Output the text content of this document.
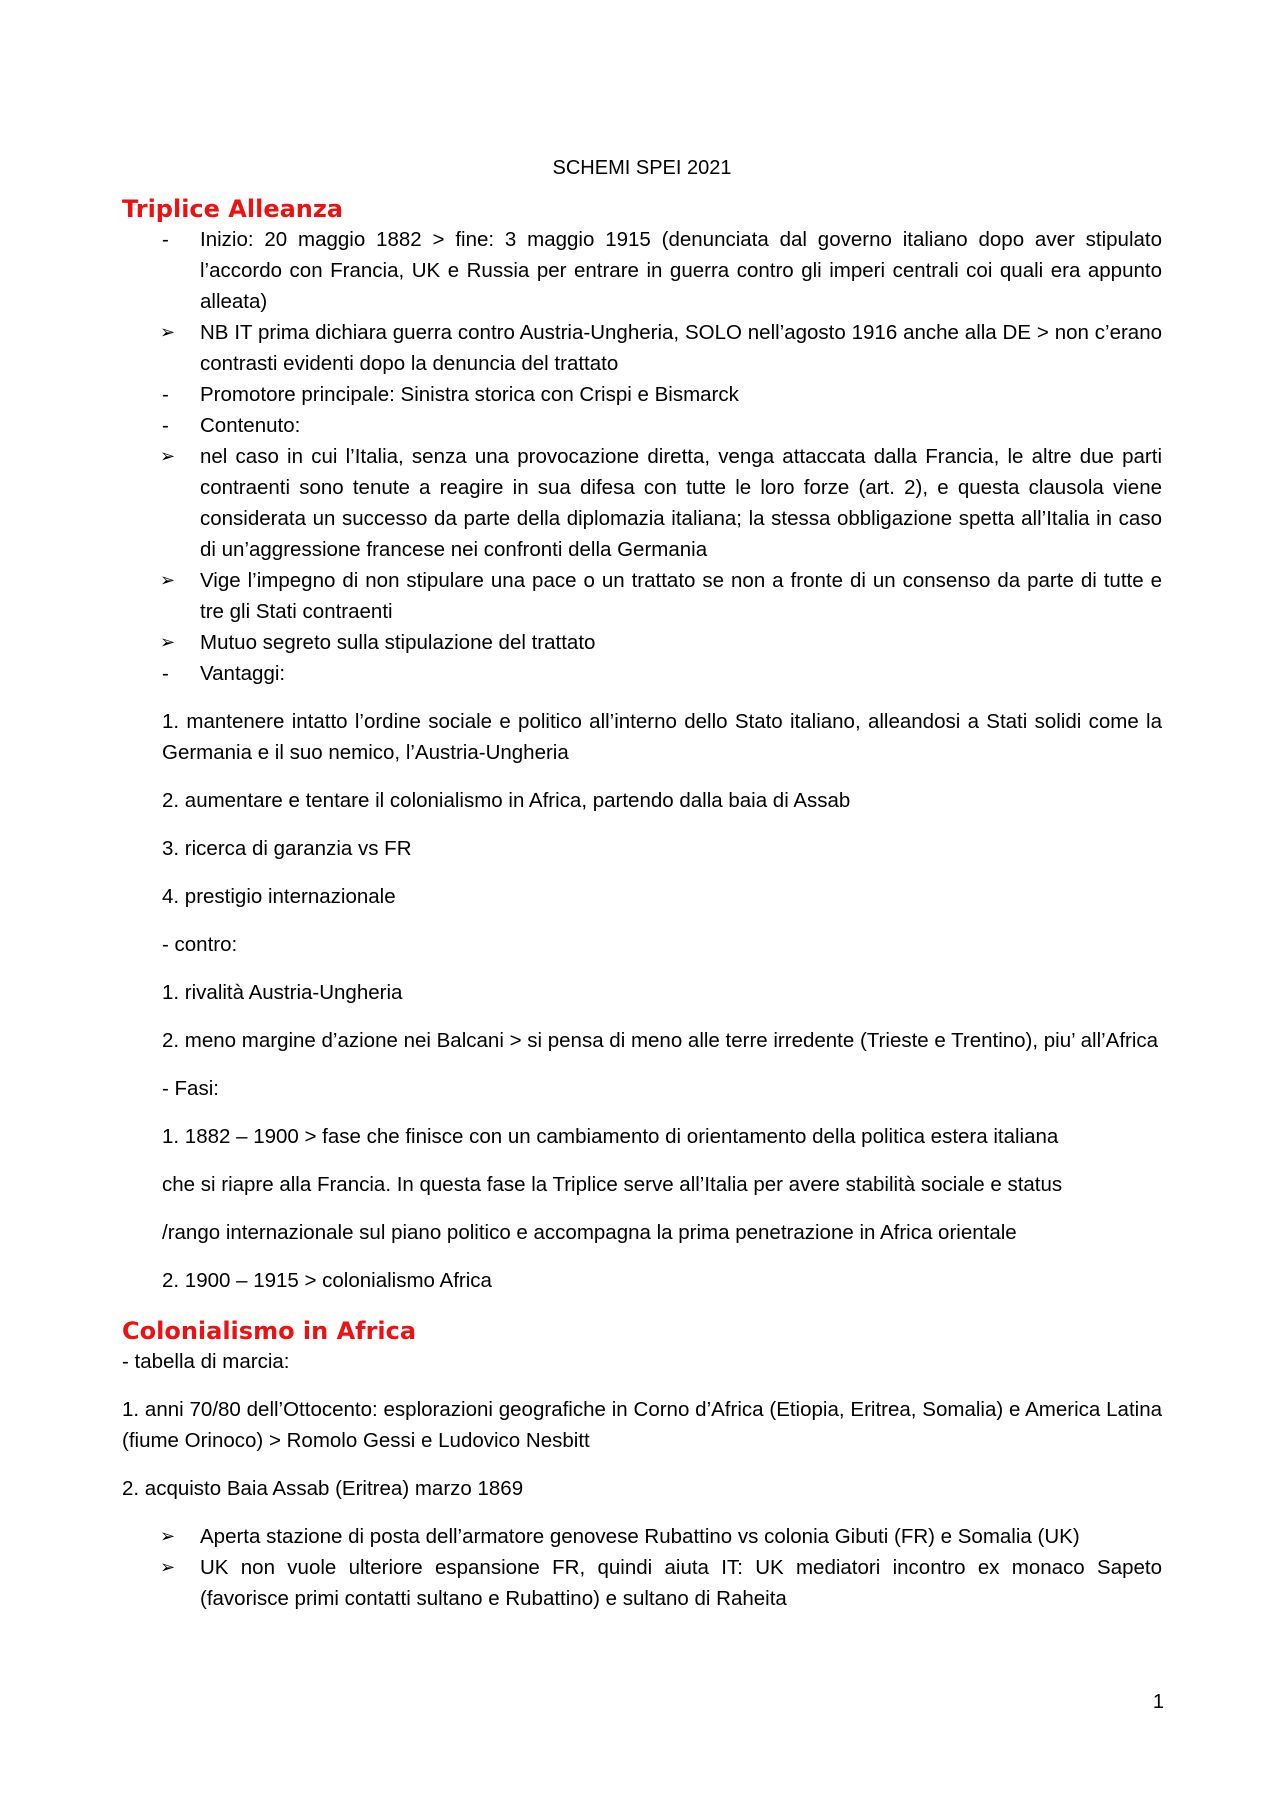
SCHEMI SPEI 2021
Triplice Alleanza
-	Inizio: 20 maggio 1882 > fine: 3 maggio 1915 (denunciata dal governo italiano dopo aver stipulato l’accordo con Francia, UK e Russia per entrare in guerra contro gli imperi centrali coi quali era appunto alleata)
➢	NB IT prima dichiara guerra contro Austria-Ungheria, SOLO nell’agosto 1916 anche alla DE > non c’erano contrasti evidenti dopo la denuncia del trattato
-	Promotore principale: Sinistra storica con Crispi e Bismarck
-	Contenuto:
➢	nel caso in cui l’Italia, senza una provocazione diretta, venga attaccata dalla Francia, le altre due parti contraenti sono tenute a reagire in sua difesa con tutte le loro forze (art. 2), e questa clausola viene considerata un successo da parte della diplomazia italiana; la stessa obbligazione spetta all’Italia in caso di un’aggressione francese nei confronti della Germania
➢	Vige l’impegno di non stipulare una pace o un trattato se non a fronte di un consenso da parte di tutte e tre gli Stati contraenti
➢	Mutuo segreto sulla stipulazione del trattato
-	Vantaggi:

1. mantenere intatto l’ordine sociale e politico all’interno dello Stato italiano, alleandosi a Stati solidi come la Germania e il suo nemico, l’Austria-Ungheria

2. aumentare e tentare il colonialismo in Africa, partendo dalla baia di Assab

3. ricerca di garanzia vs FR

4. prestigio internazionale

- contro:

1. rivalità Austria-Ungheria

2. meno margine d’azione nei Balcani > si pensa di meno alle terre irredente (Trieste e Trentino), piu’ all’Africa

- Fasi:

1. 1882 – 1900 > fase che finisce con un cambiamento di orientamento della politica estera italiana

che si riapre alla Francia. In questa fase la Triplice serve all’Italia per avere stabilità sociale e status

/rango internazionale sul piano politico e accompagna la prima penetrazione in Africa orientale

2. 1900 – 1915 > colonialismo Africa

Colonialismo in Africa

- tabella di marcia:

1. anni 70/80 dell’Ottocento: esplorazioni geografiche in Corno d’Africa (Etiopia, Eritrea, Somalia) e America Latina (fiume Orinoco) > Romolo Gessi e Ludovico Nesbitt

2. acquisto Baia Assab (Eritrea) marzo 1869

➢	Aperta stazione di posta dell’armatore genovese Rubattino vs colonia Gibuti (FR) e Somalia (UK)
➢	UK non vuole ulteriore espansione FR, quindi aiuta IT: UK mediatori incontro ex monaco Sapeto (favorisce primi contatti sultano e Rubattino) e sultano di Raheita
1
